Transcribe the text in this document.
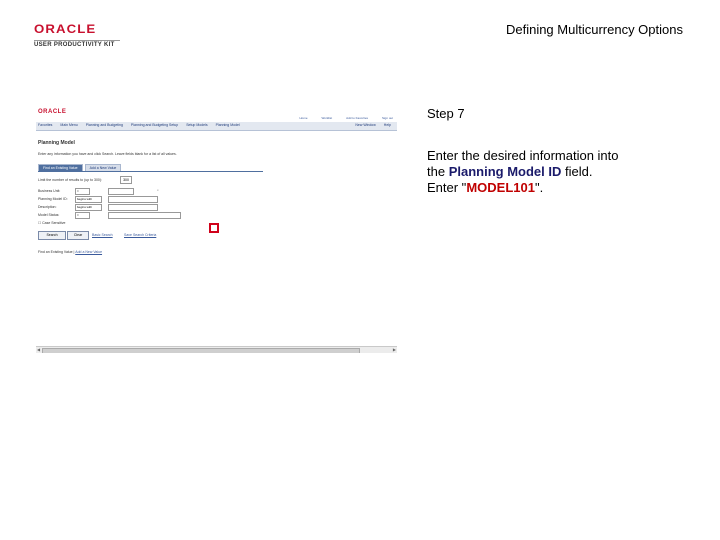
ORACLE
USER PRODUCTIVITY KIT
Defining Multicurrency Options
ORACLE
Home	Worklist	Add to Favorites	Sign out
Favorites Main Menu Planning and Budgeting Planning and Budgeting Setup Setup Models Planning Model	New Window Help
Planning Model
Enter any information you have and click Search. Leave fields blank for a list of all values.
Find an Existing Value	Add a New Value
Limit the number of results to (up to 300):	300
Business Unit:	=	⌕
Planning Model ID:	begins with
Description:	begins with
Model Status:	=
☐ Case Sensitive
Search	Clear	Basic Search	Save Search Criteria
Find an Existing Value | Add a New Value
◀	▶
Step 7
Enter the desired information into
the Planning Model ID field.
Enter "MODEL101".
